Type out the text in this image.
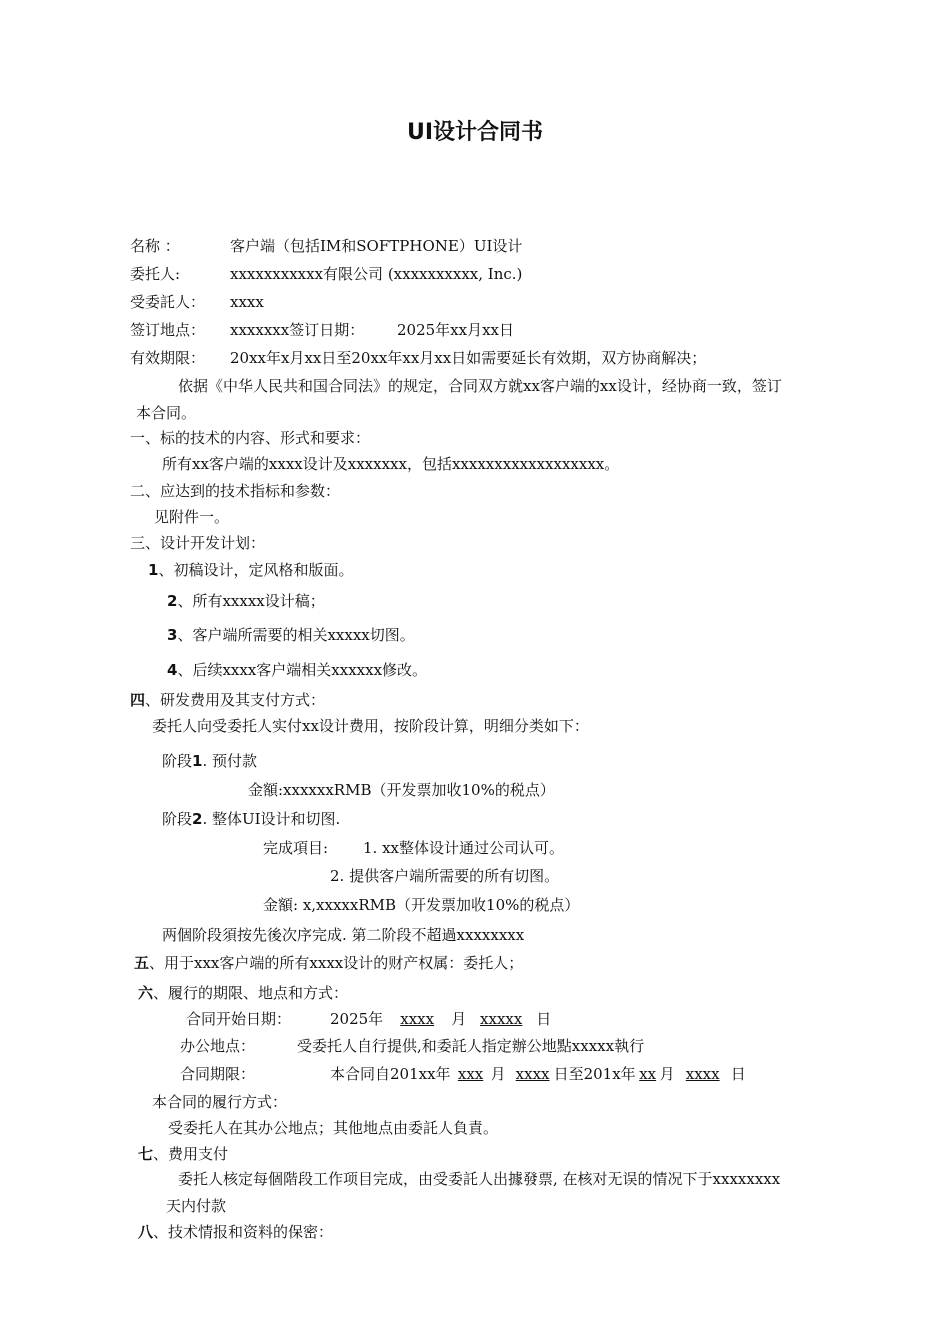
UI设计合同书
名称 ：	客户端（包括IM和SOFTPHONE）UI设计
委托人:	xxxxxxxxxxx有限公司 (xxxxxxxxxx, Inc.)
受委託人： xxxx
签订地点： xxxxxxx签订日期： 2025年xx月xx日
有效期限： 20xx年x月xx日至20xx年xx月xx日如需要延长有效期，双方协商解决；
依据《中华人民共和国合同法》的规定，合同双方就xx客户端的xx设计，经协商一致，签订
本合同。
一、标的技术的内容、形式和要求：
所有xx客户端的xxxx设计及xxxxxxx，包括xxxxxxxxxxxxxxxxxx。
二、应达到的技术指标和参数：
见附件一。
三、设计开发计划：
1、初稿设计，定风格和版面。
2、所有xxxxx设计稿；
3、客户端所需要的相关xxxxx切图。
4、后续xxxx客户端相关xxxxxx修改。
四、研发费用及其支付方式：
委托人向受委托人实付xx设计费用，按阶段计算，明细分类如下：
阶段1. 预付款
金額:xxxxxxRMB（开发票加收10%的税点）
阶段2. 整体UI设计和切图.
完成項目: 1. xx整体设计通过公司认可。
2. 提供客户端所需要的所有切图。
金額: x,xxxxxRMB（开发票加收10%的税点）
两個阶段須按先後次序完成. 第二阶段不超過xxxxxxxx
五、用于xxx客户端的所有xxxx设计的财产权属：委托人；
六、履行的期限、地点和方式：
合同开始日期：	2025年 xxxx 月 xxxxx 日
办公地点：	受委托人自行提供,和委託人指定辦公地點xxxxx執行
合同期限：	本合同自201xx年 xxx 月 xxxx 日至201x年 xx 月 xxxx 日
本合同的履行方式：
受委托人在其办公地点；其他地点由委託人負責。
七、费用支付
委托人核定每個階段工作项目完成，由受委託人出據發票, 在核对无误的情况下于xxxxxxxx
天内付款
八、技术情报和资料的保密：
